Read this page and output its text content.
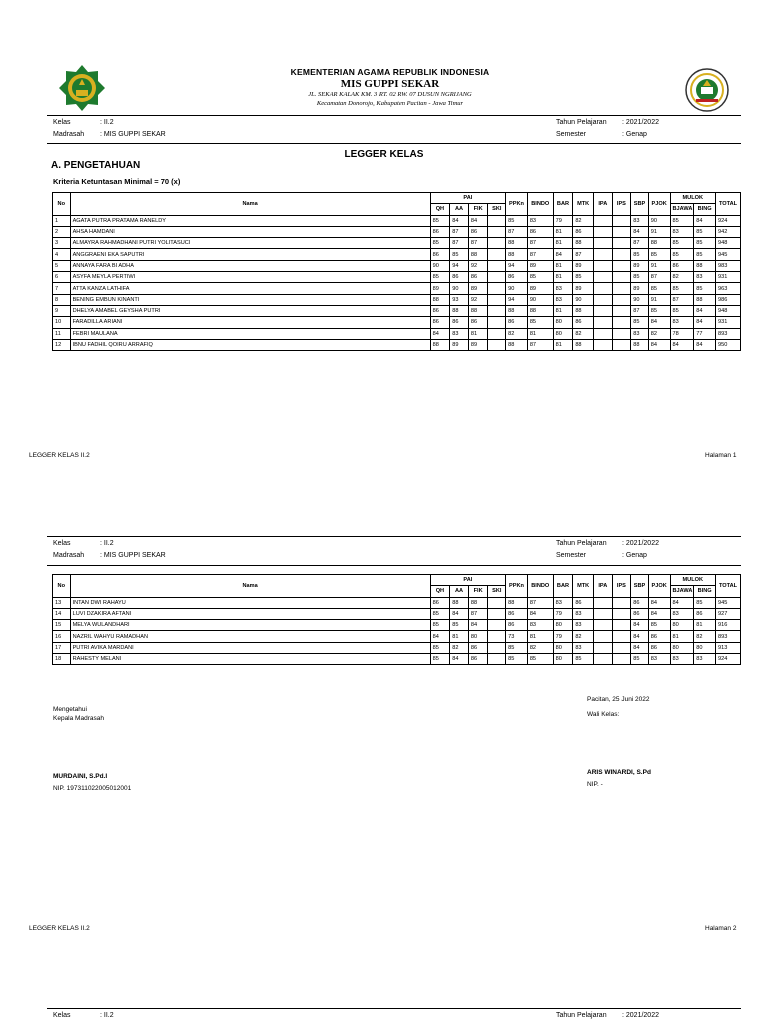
KEMENTERIAN AGAMA REPUBLIK INDONESIA
MIS GUPPI SEKAR
JL. SEKAR KALAK KM. 3 RT. 02 RW. 07 DUSUN NGRIJANG
Kecamatan Donorojo, Kabupaten Pacitan - Jawa Timur
Kelas	: II.2
Madrasah : MIS GUPPI SEKAR
Tahun Pelajaran : 2021/2022
Semester	: Genap
LEGGER KELAS
A. PENGETAHUAN
Kriteria Ketuntasan Minimal = 70 (x)
No	Nama	PAI				PPKn	BINDO	BAR	MTK	IPA	IPS	SBP	PJOK	MULOK		TOTAL
		QH	AA	FIK	SKI									BJAWA	BING	
1	AGATA PUTRA PRATAMA RANELDY	85	84	84		85	83	79	82			83	90	85	84	924
2	AHSA HAMDANI	86	87	86		87	86	81	86			84	91	83	85	942
3	ALMAYRA RAHMADHANI PUTRI YOLITASUCI	85	87	87		88	87	81	88			87	88	85	85	948
4	ANGGRAENI EKA SAPUTRI	86	85	88		88	87	84	87			85	85	85	85	945
5	ANNAYA FARA BI ADHA	90	94	92		94	89	81	89			89	91	86	88	983
6	ASYFA MEYLA PERTIWI	85	86	86		86	85	81	85			85	87	82	83	931
7	ATTA KANZA LATHIFA	89	90	89		90	89	83	89			89	85	85	85	963
8	BENING EMBUN KINANTI	88	93	92		94	90	83	90			90	91	87	88	986
9	DHELYA AMABEL GEYSHA PUTRI	86	88	88		88	88	81	88			87	85	85	84	948
10	FARADILLA ARIANI	86	86	86		86	85	80	86			85	84	83	84	931
11	FEBRI MAULANA	84	83	81		82	81	80	82			83	82	78	77	893
12	IBNU FADHIL QOIRU ARRAFIQ	88	89	89		88	87	81	88			88	84	84	84	950
LEGGER KELAS II.2	Halaman 1
Kelas	: II.2
Madrasah : MIS GUPPI SEKAR
Tahun Pelajaran : 2021/2022
Semester	: Genap
No	Nama	PAI				PPKn	BINDO	BAR	MTK	IPA	IPS	SBP	PJOK	MULOK		TOTAL
		QH	AA	FIK	SKI									BJAWA	BING	
13	INTAN DWI RAHAYU	86	88	88		88	87	83	86			86	84	84	85	945
14	LUVI DZAKIRA AFTANI	85	84	87		86	84	79	83			86	84	83	86	927
15	MELYA WULANDHARI	85	85	84		86	83	80	83			84	85	80	81	916
16	NAZRIL WAHYU RAMADHAN	84	81	80		73	81	79	82			84	86	81	82	893
17	PUTRI AVIKA MARDANI	85	82	86		85	82	80	83			84	86	80	80	913
18	RAHESTY MELANI	85	84	86		85	85	80	85			85	83	83	83	924
Mengetahui
Kepala Madrasah
Pacitan, 25 Juni 2022
Wali Kelas:
MURDAINI, S.Pd.I
NIP. 197311022005012001
ARIS WINARDI, S.Pd
NIP. -
LEGGER KELAS II.2	Halaman 2
Kelas	: II.2	Tahun Pelajaran : 2021/2022
